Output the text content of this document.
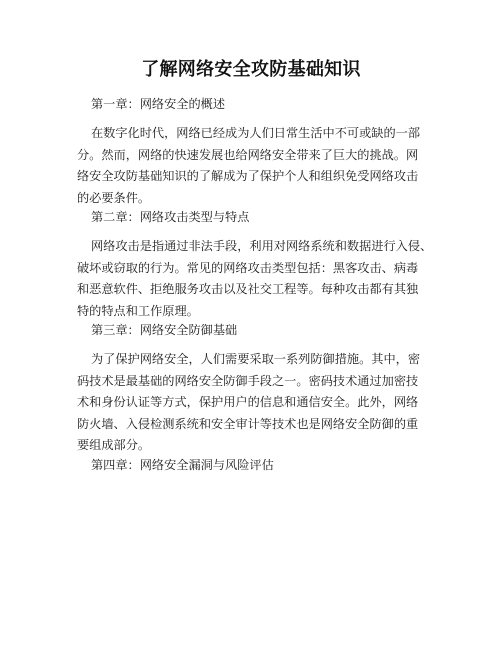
了解网络安全攻防基础知识
第一章：网络安全的概述
在数字化时代，网络已经成为人们日常生活中不可或缺的一部
分。然而，网络的快速发展也给网络安全带来了巨大的挑战。网
络安全攻防基础知识的了解成为了保护个人和组织免受网络攻击
的必要条件。
第二章：网络攻击类型与特点
网络攻击是指通过非法手段，利用对网络系统和数据进行入侵、
破坏或窃取的行为。常见的网络攻击类型包括：黑客攻击、病毒
和恶意软件、拒绝服务攻击以及社交工程等。每种攻击都有其独
特的特点和工作原理。
第三章：网络安全防御基础
为了保护网络安全，人们需要采取一系列防御措施。其中，密
码技术是最基础的网络安全防御手段之一。密码技术通过加密技
术和身份认证等方式，保护用户的信息和通信安全。此外，网络
防火墙、入侵检测系统和安全审计等技术也是网络安全防御的重
要组成部分。
第四章：网络安全漏洞与风险评估
